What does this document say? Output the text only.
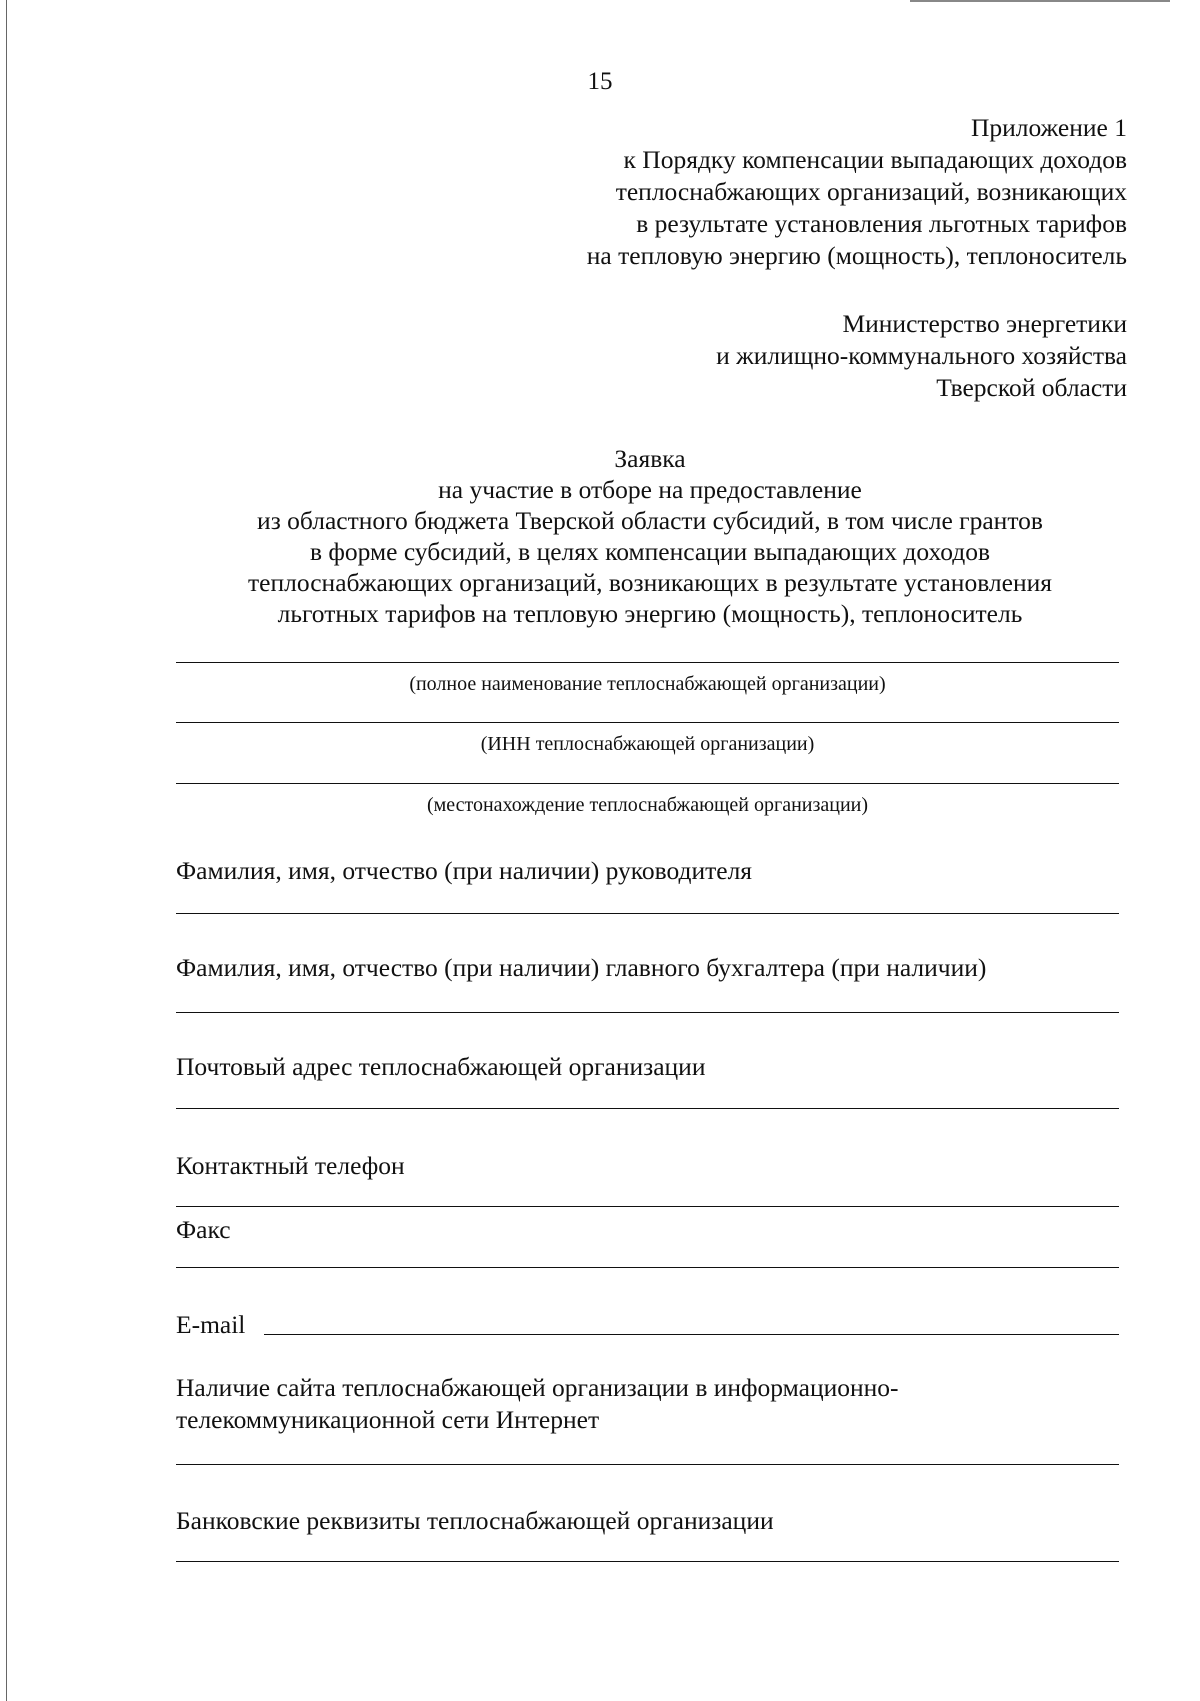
15
Приложение 1
к Порядку компенсации выпадающих доходов
теплоснабжающих организаций, возникающих
в результате установления льготных тарифов
на тепловую энергию (мощность), теплоноситель
Министерство энергетики
и жилищно-коммунального хозяйства
Тверской области
Заявка
на участие в отборе на предоставление
из областного бюджета Тверской области субсидий, в том числе грантов
в форме субсидий, в целях компенсации выпадающих доходов
теплоснабжающих организаций, возникающих в результате установления
льготных тарифов на тепловую энергию (мощность), теплоноситель
(полное наименование теплоснабжающей организации)
(ИНН теплоснабжающей организации)
(местонахождение теплоснабжающей организации)
Фамилия, имя, отчество (при наличии) руководителя
Фамилия, имя, отчество (при наличии) главного бухгалтера (при наличии)
Почтовый адрес теплоснабжающей организации
Контактный телефон
Факс
E-mail
Наличие сайта теплоснабжающей организации в информационно-
телекоммуникационной сети Интернет
Банковские реквизиты теплоснабжающей организации
